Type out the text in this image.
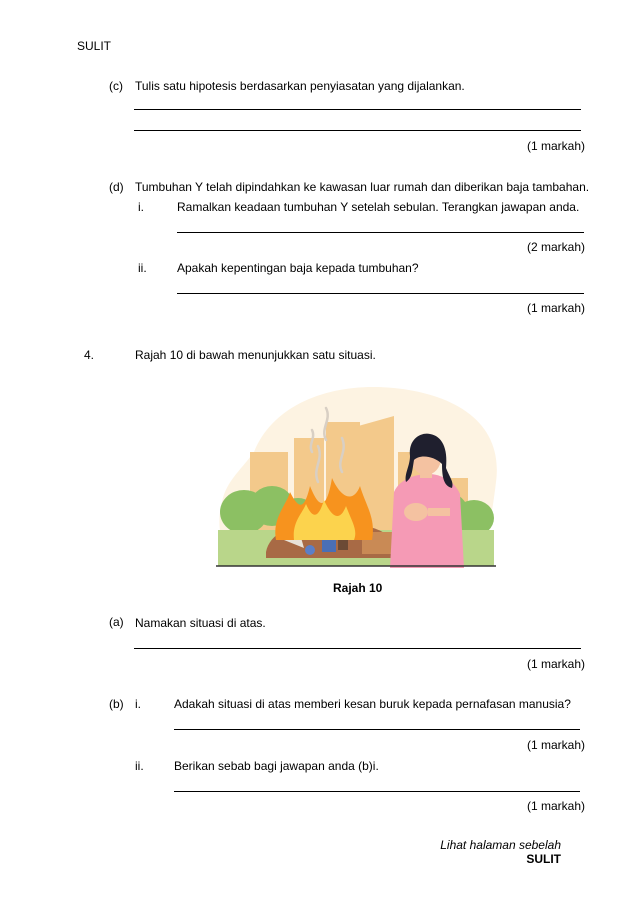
SULIT
(c) Tulis satu hipotesis berdasarkan penyiasatan yang dijalankan.
(1 markah)
(d) Tumbuhan Y telah dipindahkan ke kawasan luar rumah dan diberikan baja tambahan.
i.	Ramalkan keadaan tumbuhan Y setelah sebulan. Terangkan jawapan anda.
(2 markah)
ii.	Apakah kepentingan baja kepada tumbuhan?
(1 markah)
4.	Rajah 10 di bawah menunjukkan satu situasi.
Rajah 10
(a) Namakan situasi di atas.
(1 markah)
(b) i.	Adakah situasi di atas memberi kesan buruk kepada pernafasan manusia?
(1 markah)
ii.	Berikan sebab bagi jawapan anda (b)i.
(1 markah)
Lihat halaman sebelah
SULIT
